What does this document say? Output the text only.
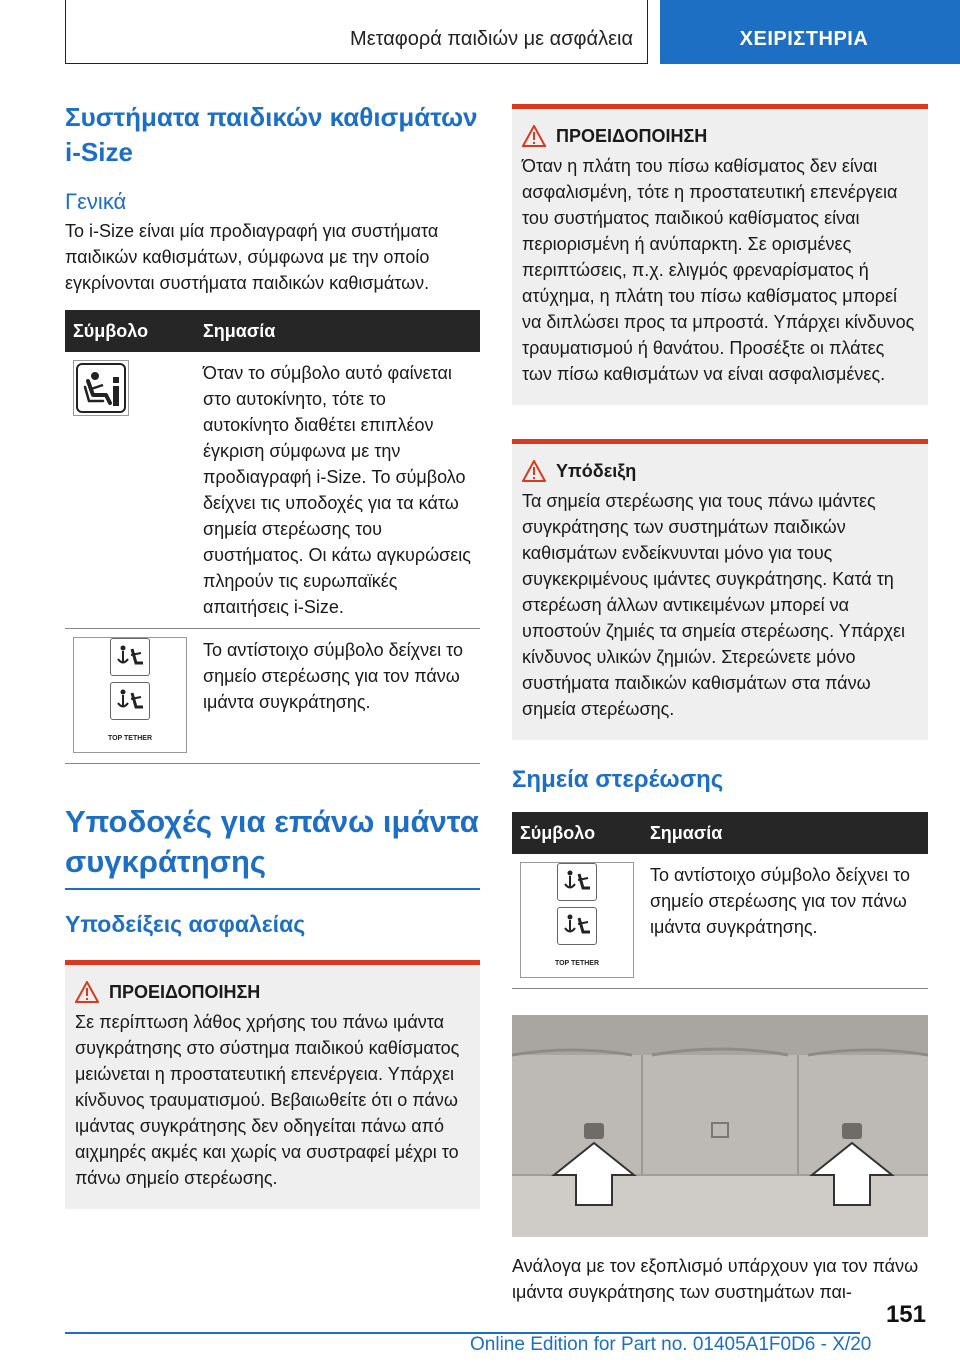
Μεταφορά παιδιών με ασφάλεια	ΧΕΙΡΙΣΤΗΡΙΑ
Συστήματα παιδικών καθισμάτων i-Size
Γενικά

Το i-Size είναι μία προδιαγραφή για συστήματα παιδικών καθισμάτων, σύμφωνα με την οποίο εγκρίνονται συστήματα παιδικών καθισμάτων.

Σύμβολο	Σημασία

	Όταν το σύμβολο αυτό φαίνεται στο αυτοκίνητο, τότε το αυτοκίνητο διαθέτει επιπλέον έγκριση σύμφωνα με την προδιαγραφή i-Size. Το σύμβολο δείχνει τις υποδοχές για τα κάτω σημεία στερέωσης του συστήματος. Οι κάτω αγκυρώσεις πληρούν τις ευρωπαϊκές απαιτήσεις i-Size.

TOP TETHER	Το αντίστοιχο σύμβολο δείχνει το σημείο στερέωσης για τον πάνω ιμάντα συγκράτησης.
Υποδοχές για επάνω ιμάντα συγκράτησης
Υποδείξεις ασφαλείας
ΠΡΟΕΙΔΟΠΟΙΗΣΗ

Σε περίπτωση λάθος χρήσης του πάνω ιμάντα συγκράτησης στο σύστημα παιδικού καθίσματος μειώνεται η προστατευτική επενέργεια. Υπάρχει κίνδυνος τραυματισμού. Βεβαιωθείτε ότι ο πάνω ιμάντας συγκράτησης δεν οδηγείται πάνω από αιχμηρές ακμές και χωρίς να συστραφεί μέχρι το πάνω σημείο στερέωσης.

ΠΡΟΕΙΔΟΠΟΙΗΣΗ

Όταν η πλάτη του πίσω καθίσματος δεν είναι ασφαλισμένη, τότε η προστατευτική επενέργεια του συστήματος παιδικού καθίσματος είναι περιορισμένη ή ανύπαρκτη. Σε ορισμένες περιπτώσεις, π.χ. ελιγμός φρεναρίσματος ή ατύχημα, η πλάτη του πίσω καθίσματος μπορεί να διπλώσει προς τα μπροστά. Υπάρχει κίνδυνος τραυματισμού ή θανάτου. Προσέξτε οι πλάτες των πίσω καθισμάτων να είναι ασφαλισμένες.

Υπόδειξη

Τα σημεία στερέωσης για τους πάνω ιμάντες συγκράτησης των συστημάτων παιδικών καθισμάτων ενδείκνυνται μόνο για τους συγκεκριμένους ιμάντες συγκράτησης. Κατά τη στερέωση άλλων αντικειμένων μπορεί να υποστούν ζημιές τα σημεία στερέωσης. Υπάρχει κίνδυνος υλικών ζημιών. Στερεώνετε μόνο συστήματα παιδικών καθισμάτων στα πάνω σημεία στερέωσης.

Σημεία στερέωσης
Σύμβολο	Σημασία

TOP TETHER	Το αντίστοιχο σύμβολο δείχνει το σημείο στερέωσης για τον πάνω ιμάντα συγκράτησης.

Ανάλογα με τον εξοπλισμό υπάρχουν για τον πάνω ιμάντα συγκράτησης των συστημάτων παι-

151
Online Edition for Part no. 01405A1F0D6 - X/20
